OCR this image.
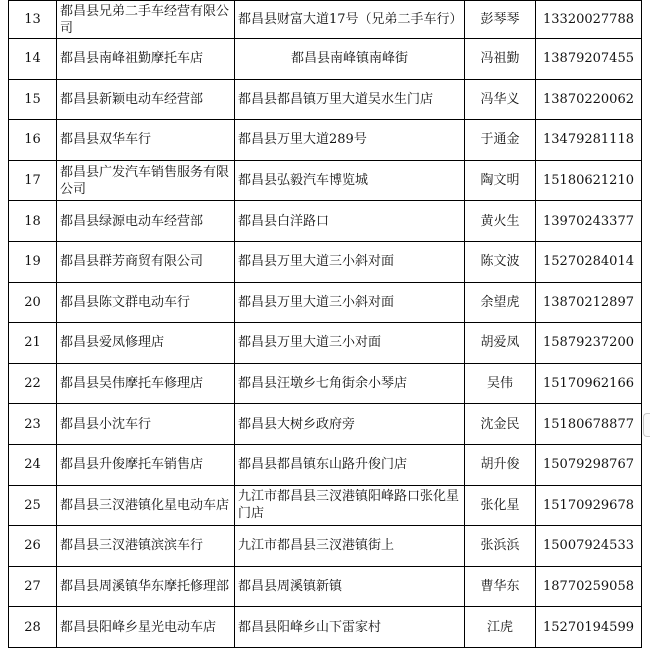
13	都昌县兄弟二手车经营有限公司	都昌县财富大道17号（兄弟二手车行）	彭琴琴	13320027788
14	都昌县南峰祖勤摩托车店	都昌县南峰镇南峰街	冯祖勤	13879207455
15	都昌县新颖电动车经营部	都昌县都昌镇万里大道吴水生门店	冯华义	13870220062
16	都昌县双华车行	都昌县万里大道289号	于通金	13479281118
17	都昌县广发汽车销售服务有限公司	都昌县弘毅汽车博览城	陶文明	15180621210
18	都昌县绿源电动车经营部	都昌县白洋路口	黄火生	13970243377
19	都昌县群芳商贸有限公司	都昌县万里大道三小斜对面	陈文波	15270284014
20	都昌县陈文群电动车行	都昌县万里大道三小斜对面	余望虎	13870212897
21	都昌县爱凤修理店	都昌县万里大道三小对面	胡爱凤	15879237200
22	都昌县吴伟摩托车修理店	都昌县汪墩乡七角街余小琴店	吴伟	15170962166
23	都昌县小沈车行	都昌县大树乡政府旁	沈金民	15180678877
24	都昌县升俊摩托车销售店	都昌县都昌镇东山路升俊门店	胡升俊	15079298767
25	都昌县三汊港镇化星电动车店	九江市都昌县三汊港镇阳峰路口张化星门店	张化星	15170929678
26	都昌县三汊港镇滨滨车行	九江市都昌县三汊港镇街上	张浜浜	15007924533
27	都昌县周溪镇华东摩托修理部	都昌县周溪镇新镇	曹华东	18770259058
28	都昌县阳峰乡星光电动车店	都昌县阳峰乡山下雷家村	江虎	15270194599
